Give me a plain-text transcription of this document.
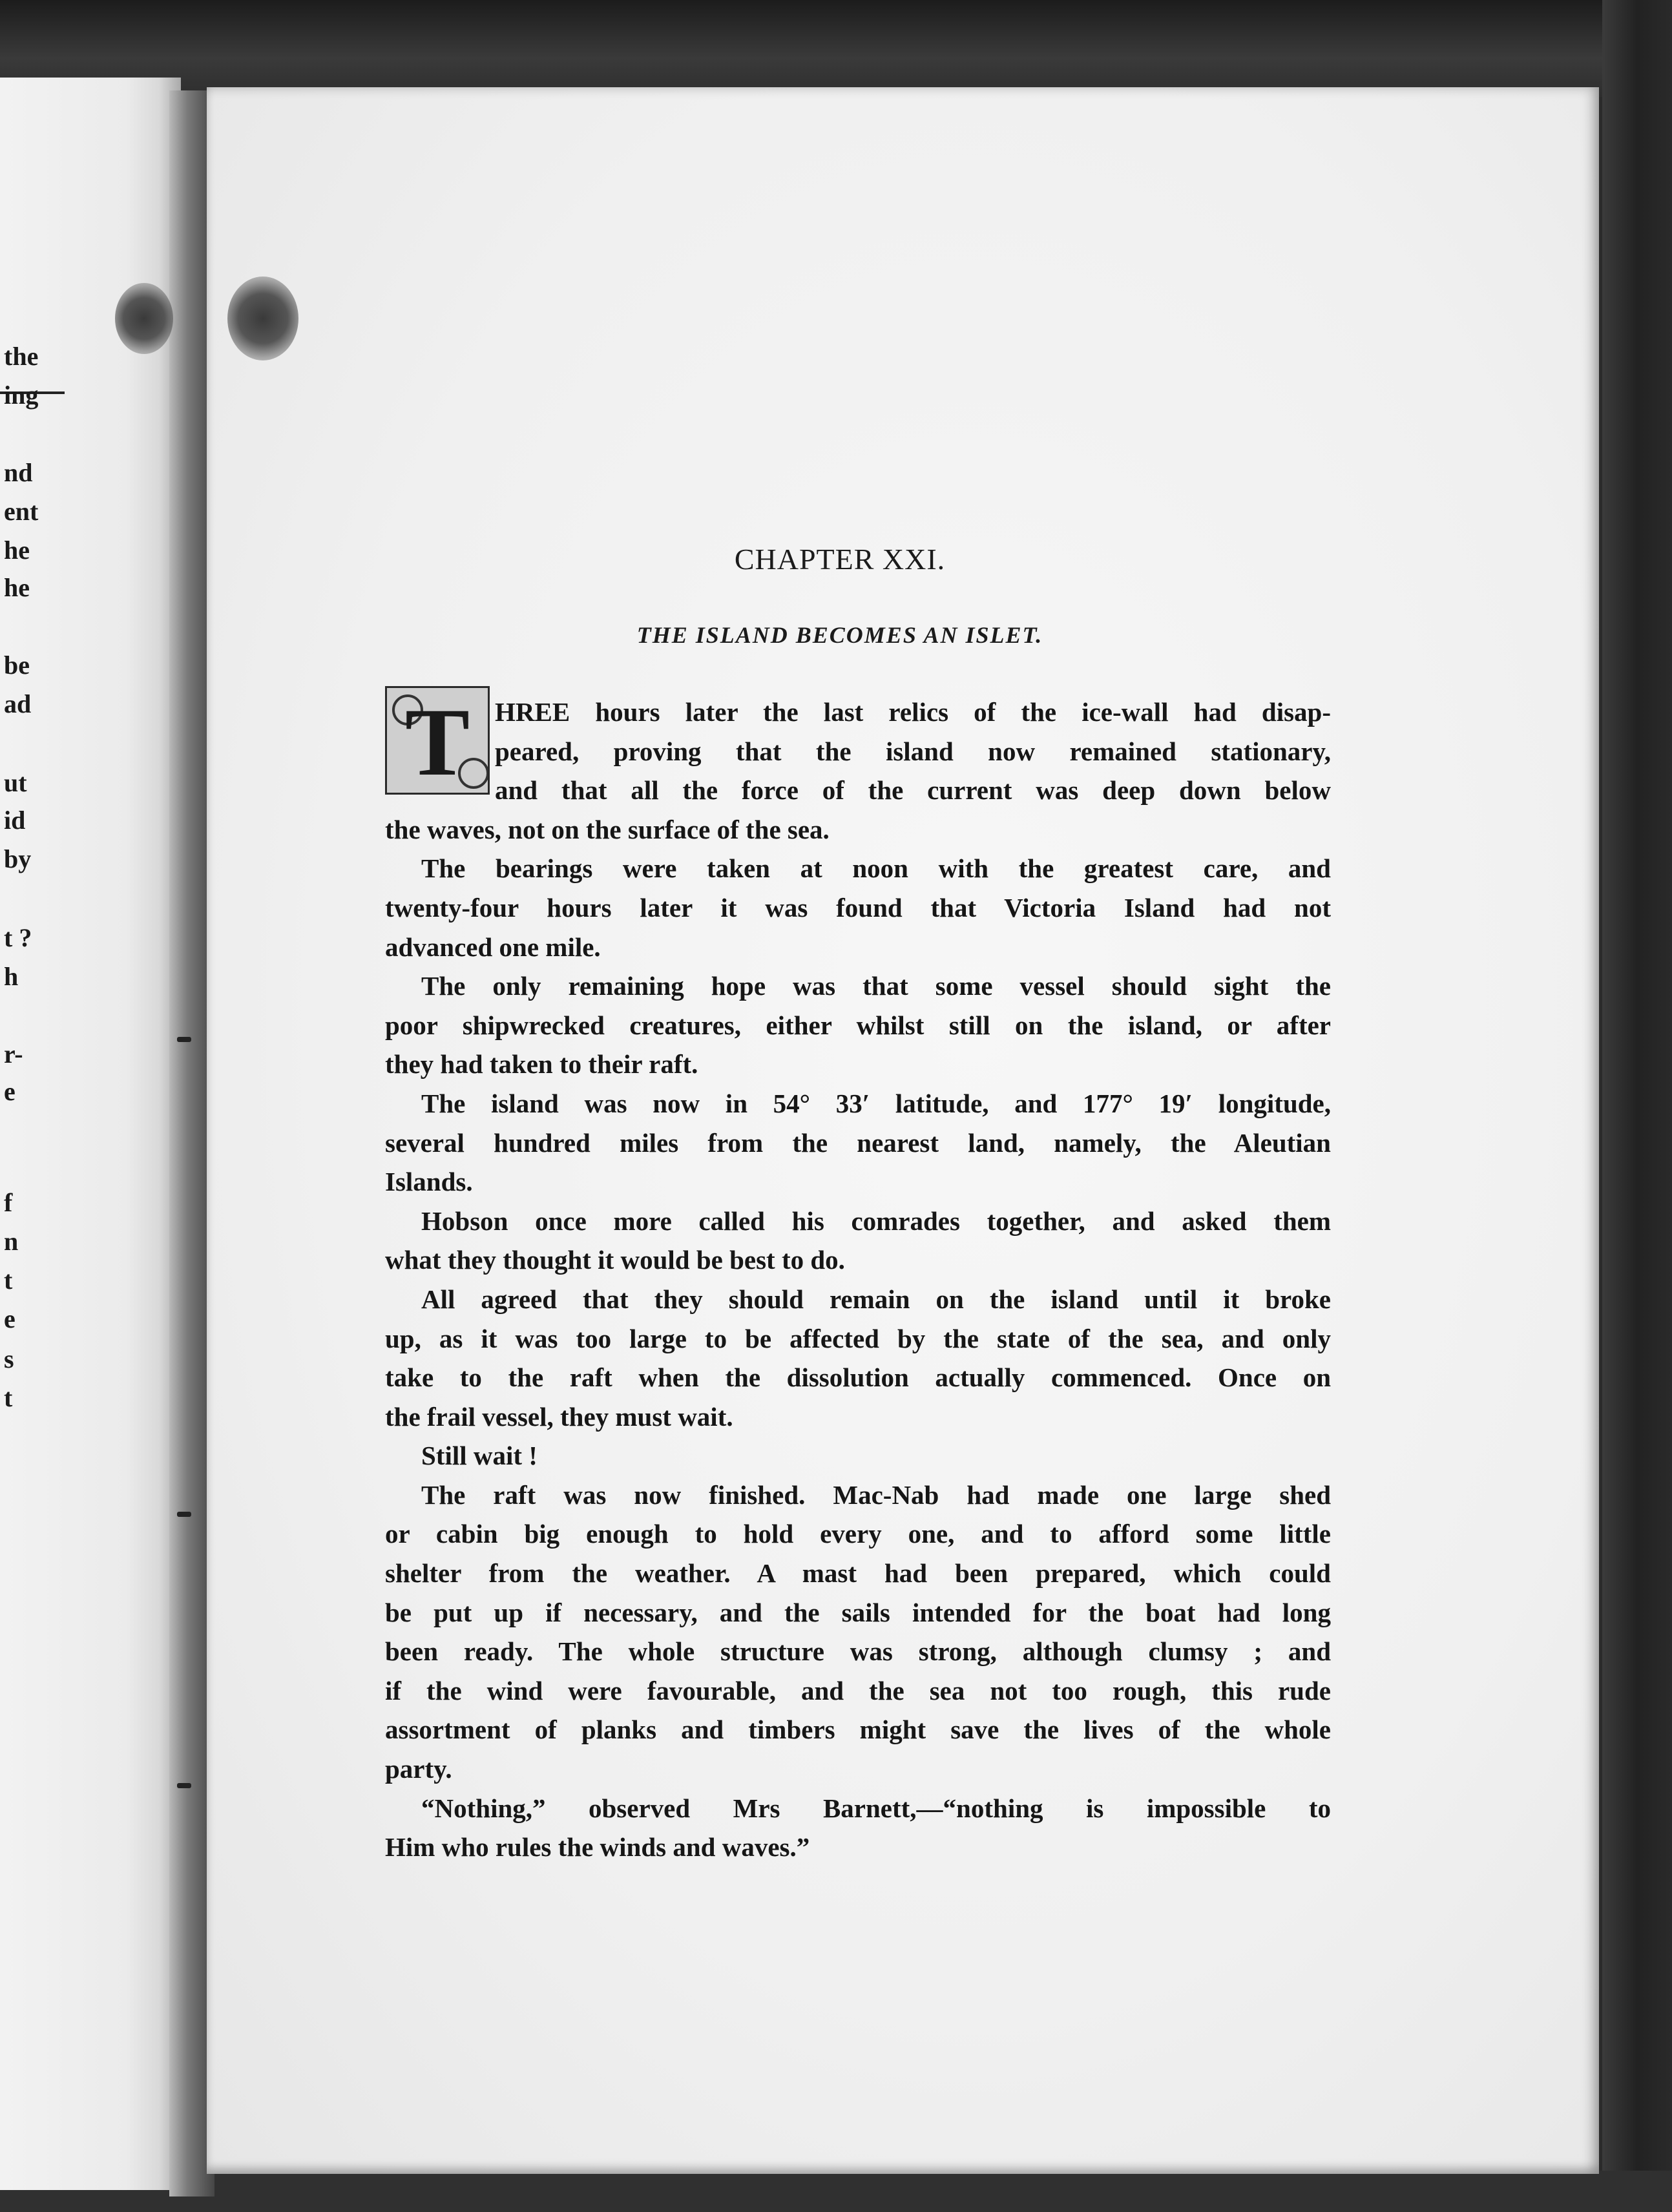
the
ing
nd
ent
he
he
be
ad
ut
id
by
t ?
h
r-
e
f
n
t
e
s
t
CHAPTER XXI.
THE ISLAND BECOMES AN ISLET.
T HREE hours later the last relics of the ice-wall had disap-
peared, proving that the island now remained stationary,
and that all the force of the current was deep down below
the waves, not on the surface of the sea.
The bearings were taken at noon with the greatest care, and
twenty-four hours later it was found that Victoria Island had not
advanced one mile.
The only remaining hope was that some vessel should sight the
poor shipwrecked creatures, either whilst still on the island, or after
they had taken to their raft.
The island was now in 54° 33′ latitude, and 177° 19′ longitude,
several hundred miles from the nearest land, namely, the Aleutian
Islands.
Hobson once more called his comrades together, and asked them
what they thought it would be best to do.
All agreed that they should remain on the island until it broke
up, as it was too large to be affected by the state of the sea, and only
take to the raft when the dissolution actually commenced. Once on
the frail vessel, they must wait.
Still wait !
The raft was now finished. Mac-Nab had made one large shed
or cabin big enough to hold every one, and to afford some little
shelter from the weather. A mast had been prepared, which could
be put up if necessary, and the sails intended for the boat had long
been ready. The whole structure was strong, although clumsy ; and
if the wind were favourable, and the sea not too rough, this rude
assortment of planks and timbers might save the lives of the whole
party.
“Nothing,” observed Mrs Barnett,—“nothing is impossible to
Him who rules the winds and waves.”
